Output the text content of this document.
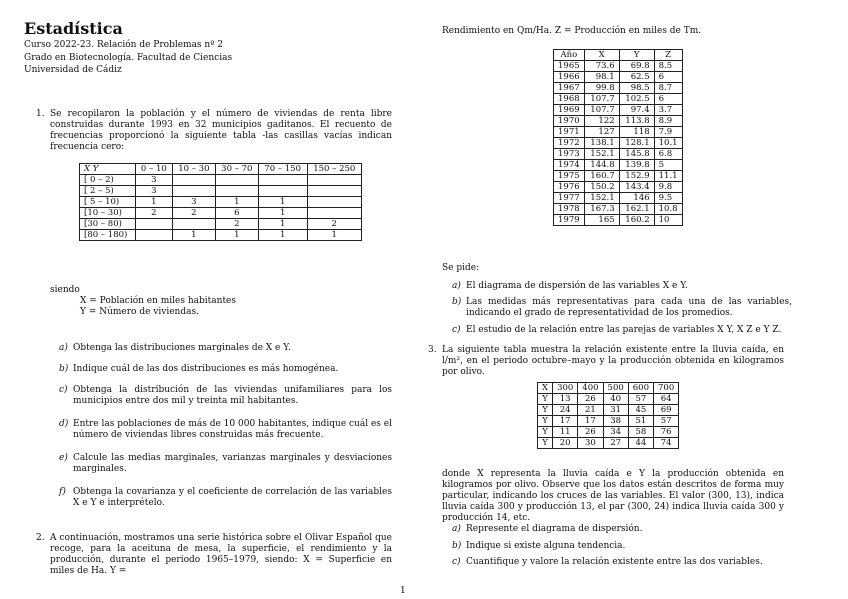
Estadística
Curso 2022-23. Relación de Problemas nº 2
Grado en Biotecnología. Facultad de Ciencias
Universidad de Cádiz
1. Se recopilaron la población y el número de viviendas de renta libre construidas durante 1993 en 32 municipios gaditanos. El recuento de frecuencias proporcionó la siguiente tabla -las casillas vacías indican frecuencia cero:
X Y	0 – 10	10 – 30	30 – 70	70 – 150	150 – 250
[ 0 – 2)	3				
[ 2 – 5)	3				
[ 5 – 10)	1	3	1	1	
[10 – 30)	2	2	6	1	
[30 – 80)			2	1	2
[80 – 180)		1	1	1	1
siendo
X = Población en miles habitantes
Y = Número de viviendas.
a) Obtenga las distribuciones marginales de X e Y.
b) Indique cuál de las dos distribuciones es más homogénea.
c) Obtenga la distribución de las viviendas unifamiliares para los municipios entre dos mil y treinta mil habitantes.
d) Entre las poblaciones de más de 10 000 habitantes, indique cuál es el número de viviendas libres construidas más frecuente.
e) Calcule las medias marginales, varianzas marginales y desviaciones marginales.
f) Obtenga la covarianza y el coeficiente de correlación de las variables X e Y e interprételo.
2. A continuación, mostramos una serie histórica sobre el Olivar Español que recoge, para la aceituna de mesa, la superficie, el rendimiento y la producción, durante el periodo 1965–1979, siendo: X = Superficie en miles de Ha. Y =
Rendimiento en Qm/Ha. Z = Producción en miles de Tm.
Año	X	Y	Z
1965	73.6	69.8	8.5
1966	98.1	62.5	6
1967	99.8	98.5	8.7
1968	107.7	102.5	6
1969	107.7	97.4	3.7
1970	122	113.8	8.9
1971	127	118	7.9
1972	138.1	128.1	10.1
1973	152.1	145.8	6.8
1974	144.8	139.8	5
1975	160.7	152.9	11.1
1976	150.2	143.4	9.8
1977	152.1	146	9.5
1978	167.3	162.1	10.8
1979	165	160.2	10
Se pide:
a) El diagrama de dispersión de las variables X e Y.
b) Las medidas más representativas para cada una de las variables, indicando el grado de representatividad de los promedios.
c) El estudio de la relación entre las parejas de variables X Y, X Z e Y Z.
3. La siguiente tabla muestra la relación existente entre la lluvia caída, en l/m², en el periodo octubre–mayo y la producción obtenida en kilogramos por olivo.
X	300	400	500	600	700
Y	13	26	40	57	64
Y	24	21	31	45	69
Y	17	17	38	51	57
Y	11	26	34	58	76
Y	20	30	27	44	74
donde X representa la lluvia caída e Y la producción obtenida en kilogramos por olivo. Observe que los datos están descritos de forma muy particular, indicando los cruces de las variables. El valor (300, 13), indica lluvia caída 300 y producción 13, el par (300, 24) indica lluvia caída 300 y producción 14, etc.
a) Represente el diagrama de dispersión.
b) Indique si existe alguna tendencia.
c) Cuantifique y valore la relación existente entre las dos variables.
1
